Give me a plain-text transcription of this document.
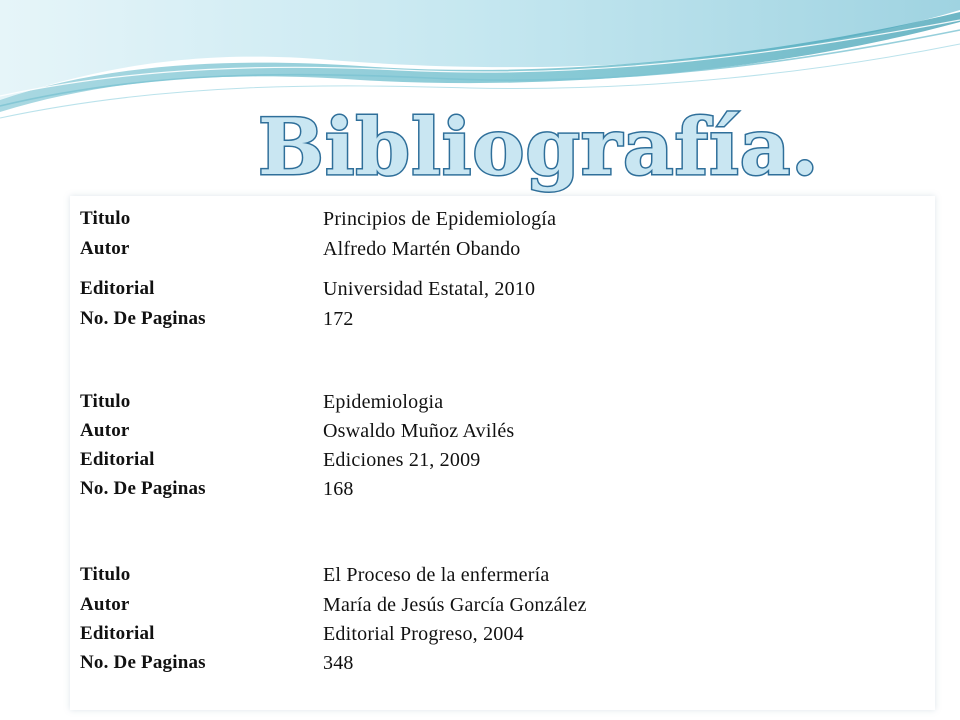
Bibliografía.
Titulo	Principios de Epidemiología
Autor	Alfredo Martén Obando
Editorial	Universidad Estatal, 2010
No. De Paginas	172
Titulo	Epidemiologia
Autor	Oswaldo Muñoz Avilés
Editorial	Ediciones 21, 2009
No. De Paginas	168
Titulo	El Proceso de la enfermería
Autor	María de Jesús García González
Editorial	Editorial Progreso, 2004
No. De Paginas	348
